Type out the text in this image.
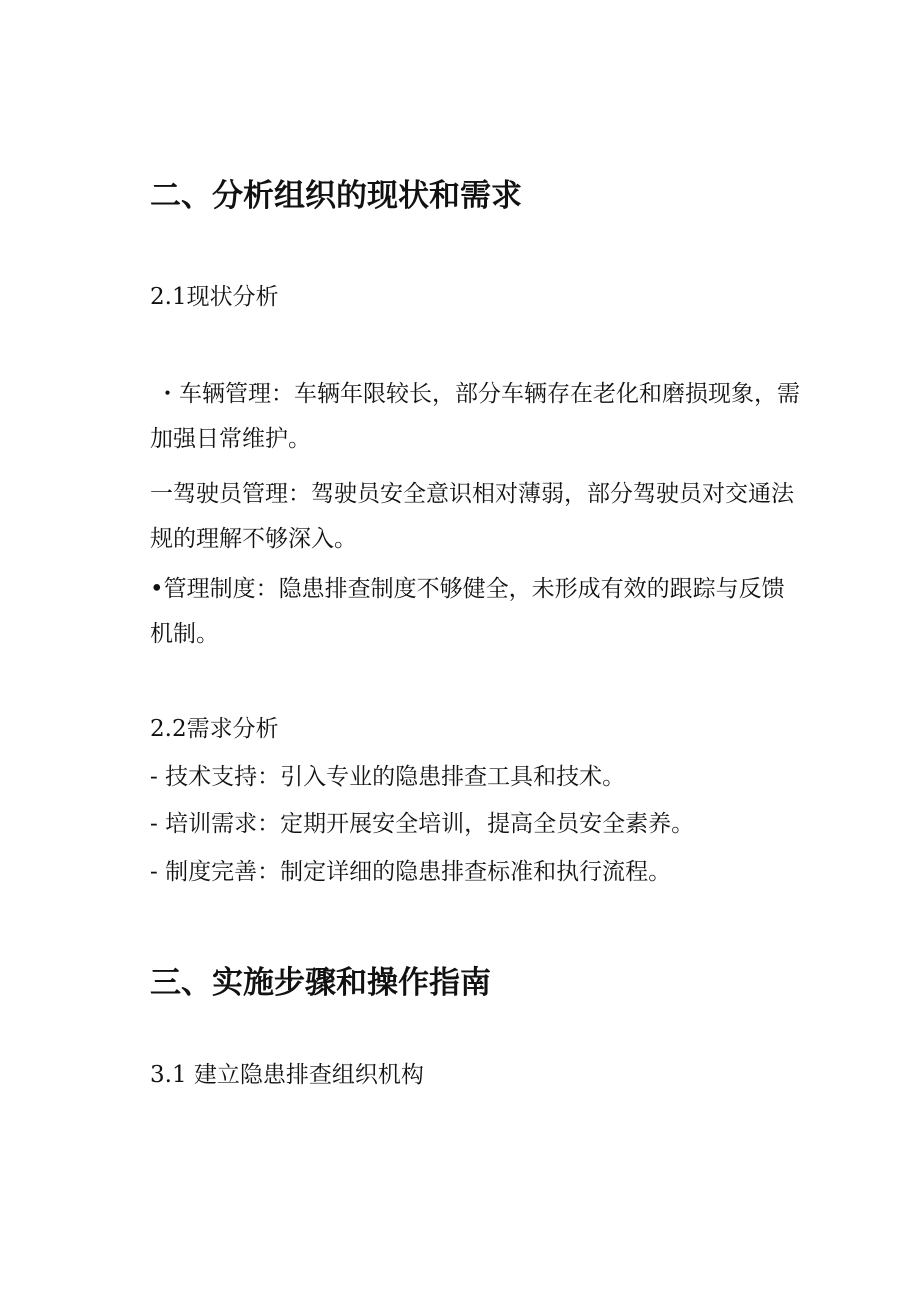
二、分析组织的现状和需求
2.1现状分析
・车辆管理：车辆年限较长，部分车辆存在老化和磨损现象，需
加强日常维护。
一驾驶员管理：驾驶员安全意识相对薄弱，部分驾驶员对交通法
规的理解不够深入。
•管理制度：隐患排查制度不够健全，未形成有效的跟踪与反馈
机制。
2.2需求分析
- 技术支持：引入专业的隐患排查工具和技术。
- 培训需求：定期开展安全培训，提高全员安全素养。
- 制度完善：制定详细的隐患排查标准和执行流程。
三、实施步骤和操作指南
3.1 建立隐患排查组织机构
